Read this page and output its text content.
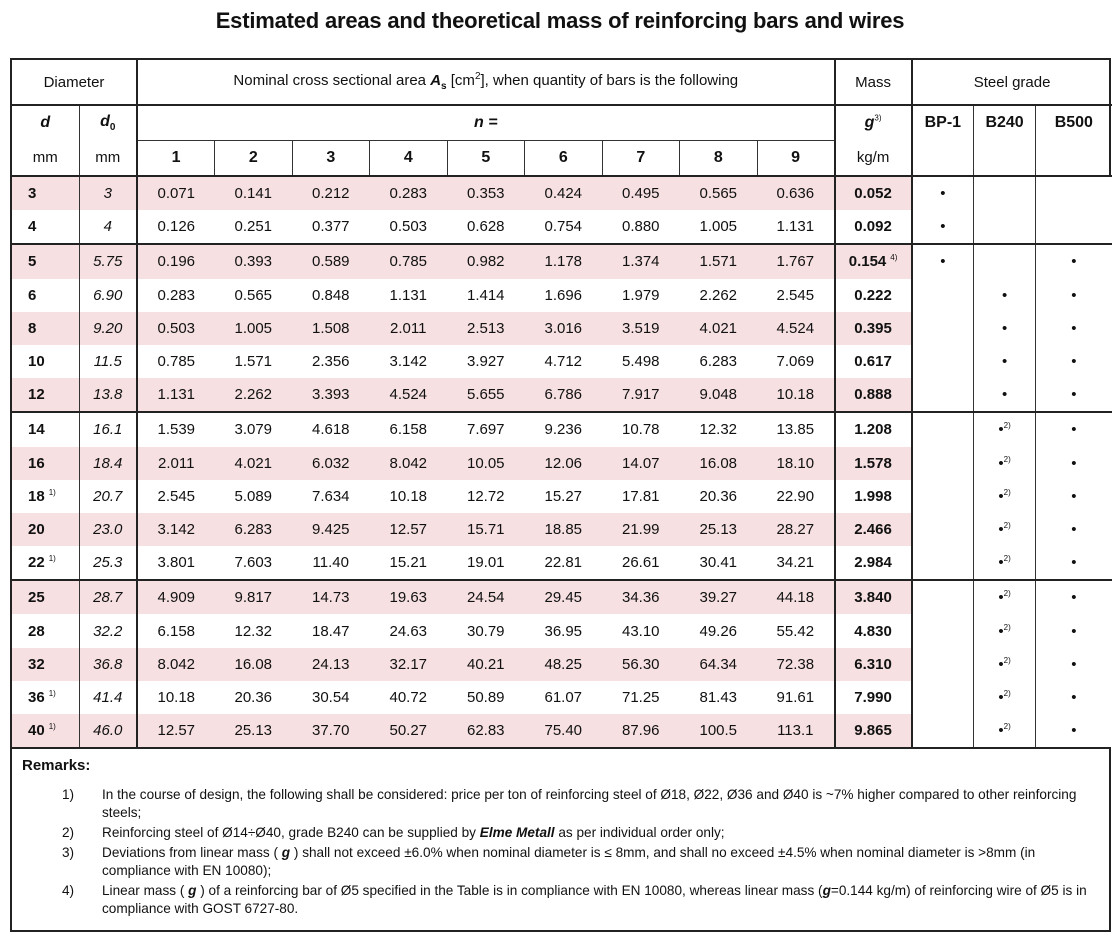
Estimated areas and theoretical mass of reinforcing bars and wires
Diameter		Nominal cross sectional area $A_s$ $[cm^2]$, when quantity of bars is the following									Mass	Steel grade		
d	$d_0$	n =									$g^{3)}$	BP-1	B240	B500
mm	mm	1	2	3	4	5	6	7	8	9	kg/m			
3	3	0.071	0.141	0.212	0.283	0.353	0.424	0.495	0.565	0.636	0.052	•		
4	4	0.126	0.251	0.377	0.503	0.628	0.754	0.880	1.005	1.131	0.092	•		
5	5.75	0.196	0.393	0.589	0.785	0.982	1.178	1.374	1.571	1.767	0.154 $^{4)}$	•		•
6	6.90	0.283	0.565	0.848	1.131	1.414	1.696	1.979	2.262	2.545	0.222		•	•
8	9.20	0.503	1.005	1.508	2.011	2.513	3.016	3.519	4.021	4.524	0.395		•	•
10	11.5	0.785	1.571	2.356	3.142	3.927	4.712	5.498	6.283	7.069	0.617		•	•
12	13.8	1.131	2.262	3.393	4.524	5.655	6.786	7.917	9.048	10.18	0.888		•	•
14	16.1	1.539	3.079	4.618	6.158	7.697	9.236	10.78	12.32	13.85	1.208		•$^{2)}$	•
16	18.4	2.011	4.021	6.032	8.042	10.05	12.06	14.07	16.08	18.10	1.578		•$^{2)}$	•
18 $^{1)}$	20.7	2.545	5.089	7.634	10.18	12.72	15.27	17.81	20.36	22.90	1.998		•$^{2)}$	•
20	23.0	3.142	6.283	9.425	12.57	15.71	18.85	21.99	25.13	28.27	2.466		•$^{2)}$	•
22 $^{1)}$	25.3	3.801	7.603	11.40	15.21	19.01	22.81	26.61	30.41	34.21	2.984		•$^{2)}$	•
25	28.7	4.909	9.817	14.73	19.63	24.54	29.45	34.36	39.27	44.18	3.840		•$^{2)}$	•
28	32.2	6.158	12.32	18.47	24.63	30.79	36.95	43.10	49.26	55.42	4.830		•$^{2)}$	•
32	36.8	8.042	16.08	24.13	32.17	40.21	48.25	56.30	64.34	72.38	6.310		•$^{2)}$	•
36 $^{1)}$	41.4	10.18	20.36	30.54	40.72	50.89	61.07	71.25	81.43	91.61	7.990		•$^{2)}$	•
40 $^{1)}$	46.0	12.57	25.13	37.70	50.27	62.83	75.40	87.96	100.5	113.1	9.865		•$^{2)}$	•
Remarks:
1)	In the course of design, the following shall be considered: price per ton of reinforcing steel of Ø18, Ø22, Ø36 and Ø40 is ~7% higher compared to other reinforcing steels;
2)	Reinforcing steel of Ø14÷Ø40, grade B240 can be supplied by Elme Metall as per individual order only;
3)	Deviations from linear mass ( g ) shall not exceed ±6.0% when nominal diameter is ≤ 8mm, and shall no exceed ±4.5% when nominal diameter is >8mm (in compliance with EN 10080);
4)	Linear mass ( g ) of a reinforcing bar of Ø5 specified in the Table is in compliance with EN 10080, whereas linear mass (g=0.144 kg/m) of reinforcing wire of Ø5 is in compliance with GOST 6727-80.
